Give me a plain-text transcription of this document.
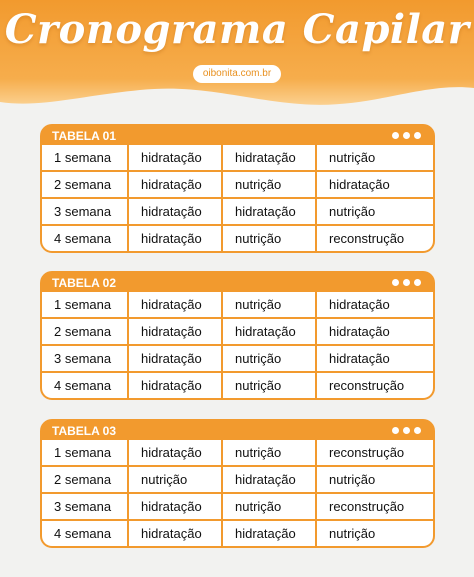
Cronograma Capilar
oibonita.com.br
TABELA 01
1 semana	hidratação	hidratação	nutrição
2 semana	hidratação	nutrição	hidratação
3 semana	hidratação	hidratação	nutrição
4 semana	hidratação	nutrição	reconstrução
TABELA 02
1 semana	hidratação	nutrição	hidratação
2 semana	hidratação	hidratação	hidratação
3 semana	hidratação	nutrição	hidratação
4 semana	hidratação	nutrição	reconstrução
TABELA 03
1 semana	hidratação	nutrição	reconstrução
2 semana	nutrição	hidratação	nutrição
3 semana	hidratação	nutrição	reconstrução
4 semana	hidratação	hidratação	nutrição
